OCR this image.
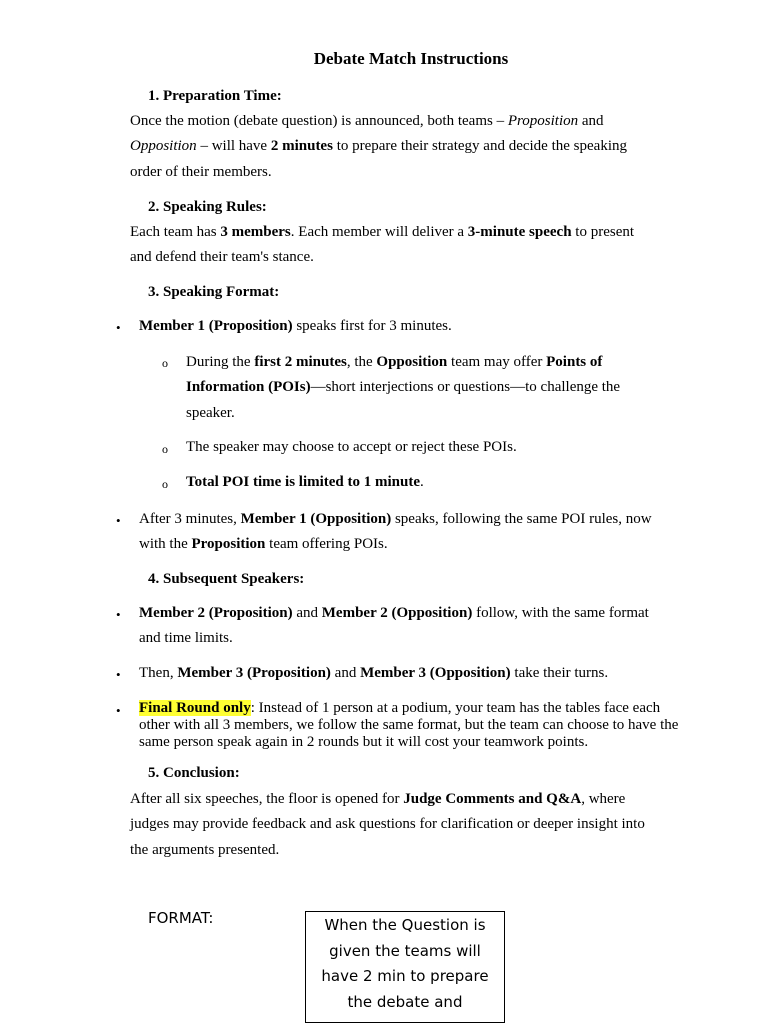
Debate Match Instructions
1. Preparation Time:
Once the motion (debate question) is announced, both teams – Proposition and
Opposition – will have 2 minutes to prepare their strategy and decide the speaking
order of their members.
2. Speaking Rules:
Each team has 3 members. Each member will deliver a 3-minute speech to present
and defend their team's stance.
3. Speaking Format:
• Member 1 (Proposition) speaks first for 3 minutes.
o During the first 2 minutes, the Opposition team may offer Points of
Information (POIs)—short interjections or questions—to challenge the
speaker.
o The speaker may choose to accept or reject these POIs.
o Total POI time is limited to 1 minute.
• After 3 minutes, Member 1 (Opposition) speaks, following the same POI rules, now
with the Proposition team offering POIs.
4. Subsequent Speakers:
• Member 2 (Proposition) and Member 2 (Opposition) follow, with the same format
and time limits.
• Then, Member 3 (Proposition) and Member 3 (Opposition) take their turns.
• Final Round only: Instead of 1 person at a podium, your team has the tables face each other with all 3 members, we follow the same format, but the team can choose to have the same person speak again in 2 rounds but it will cost your teamwork points.
5. Conclusion:
After all six speeches, the floor is opened for Judge Comments and Q&A, where
judges may provide feedback and ask questions for clarification or deeper insight into
the arguments presented.
FORMAT:	When the Question is
given the teams will
have 2 min to prepare
the debate and
